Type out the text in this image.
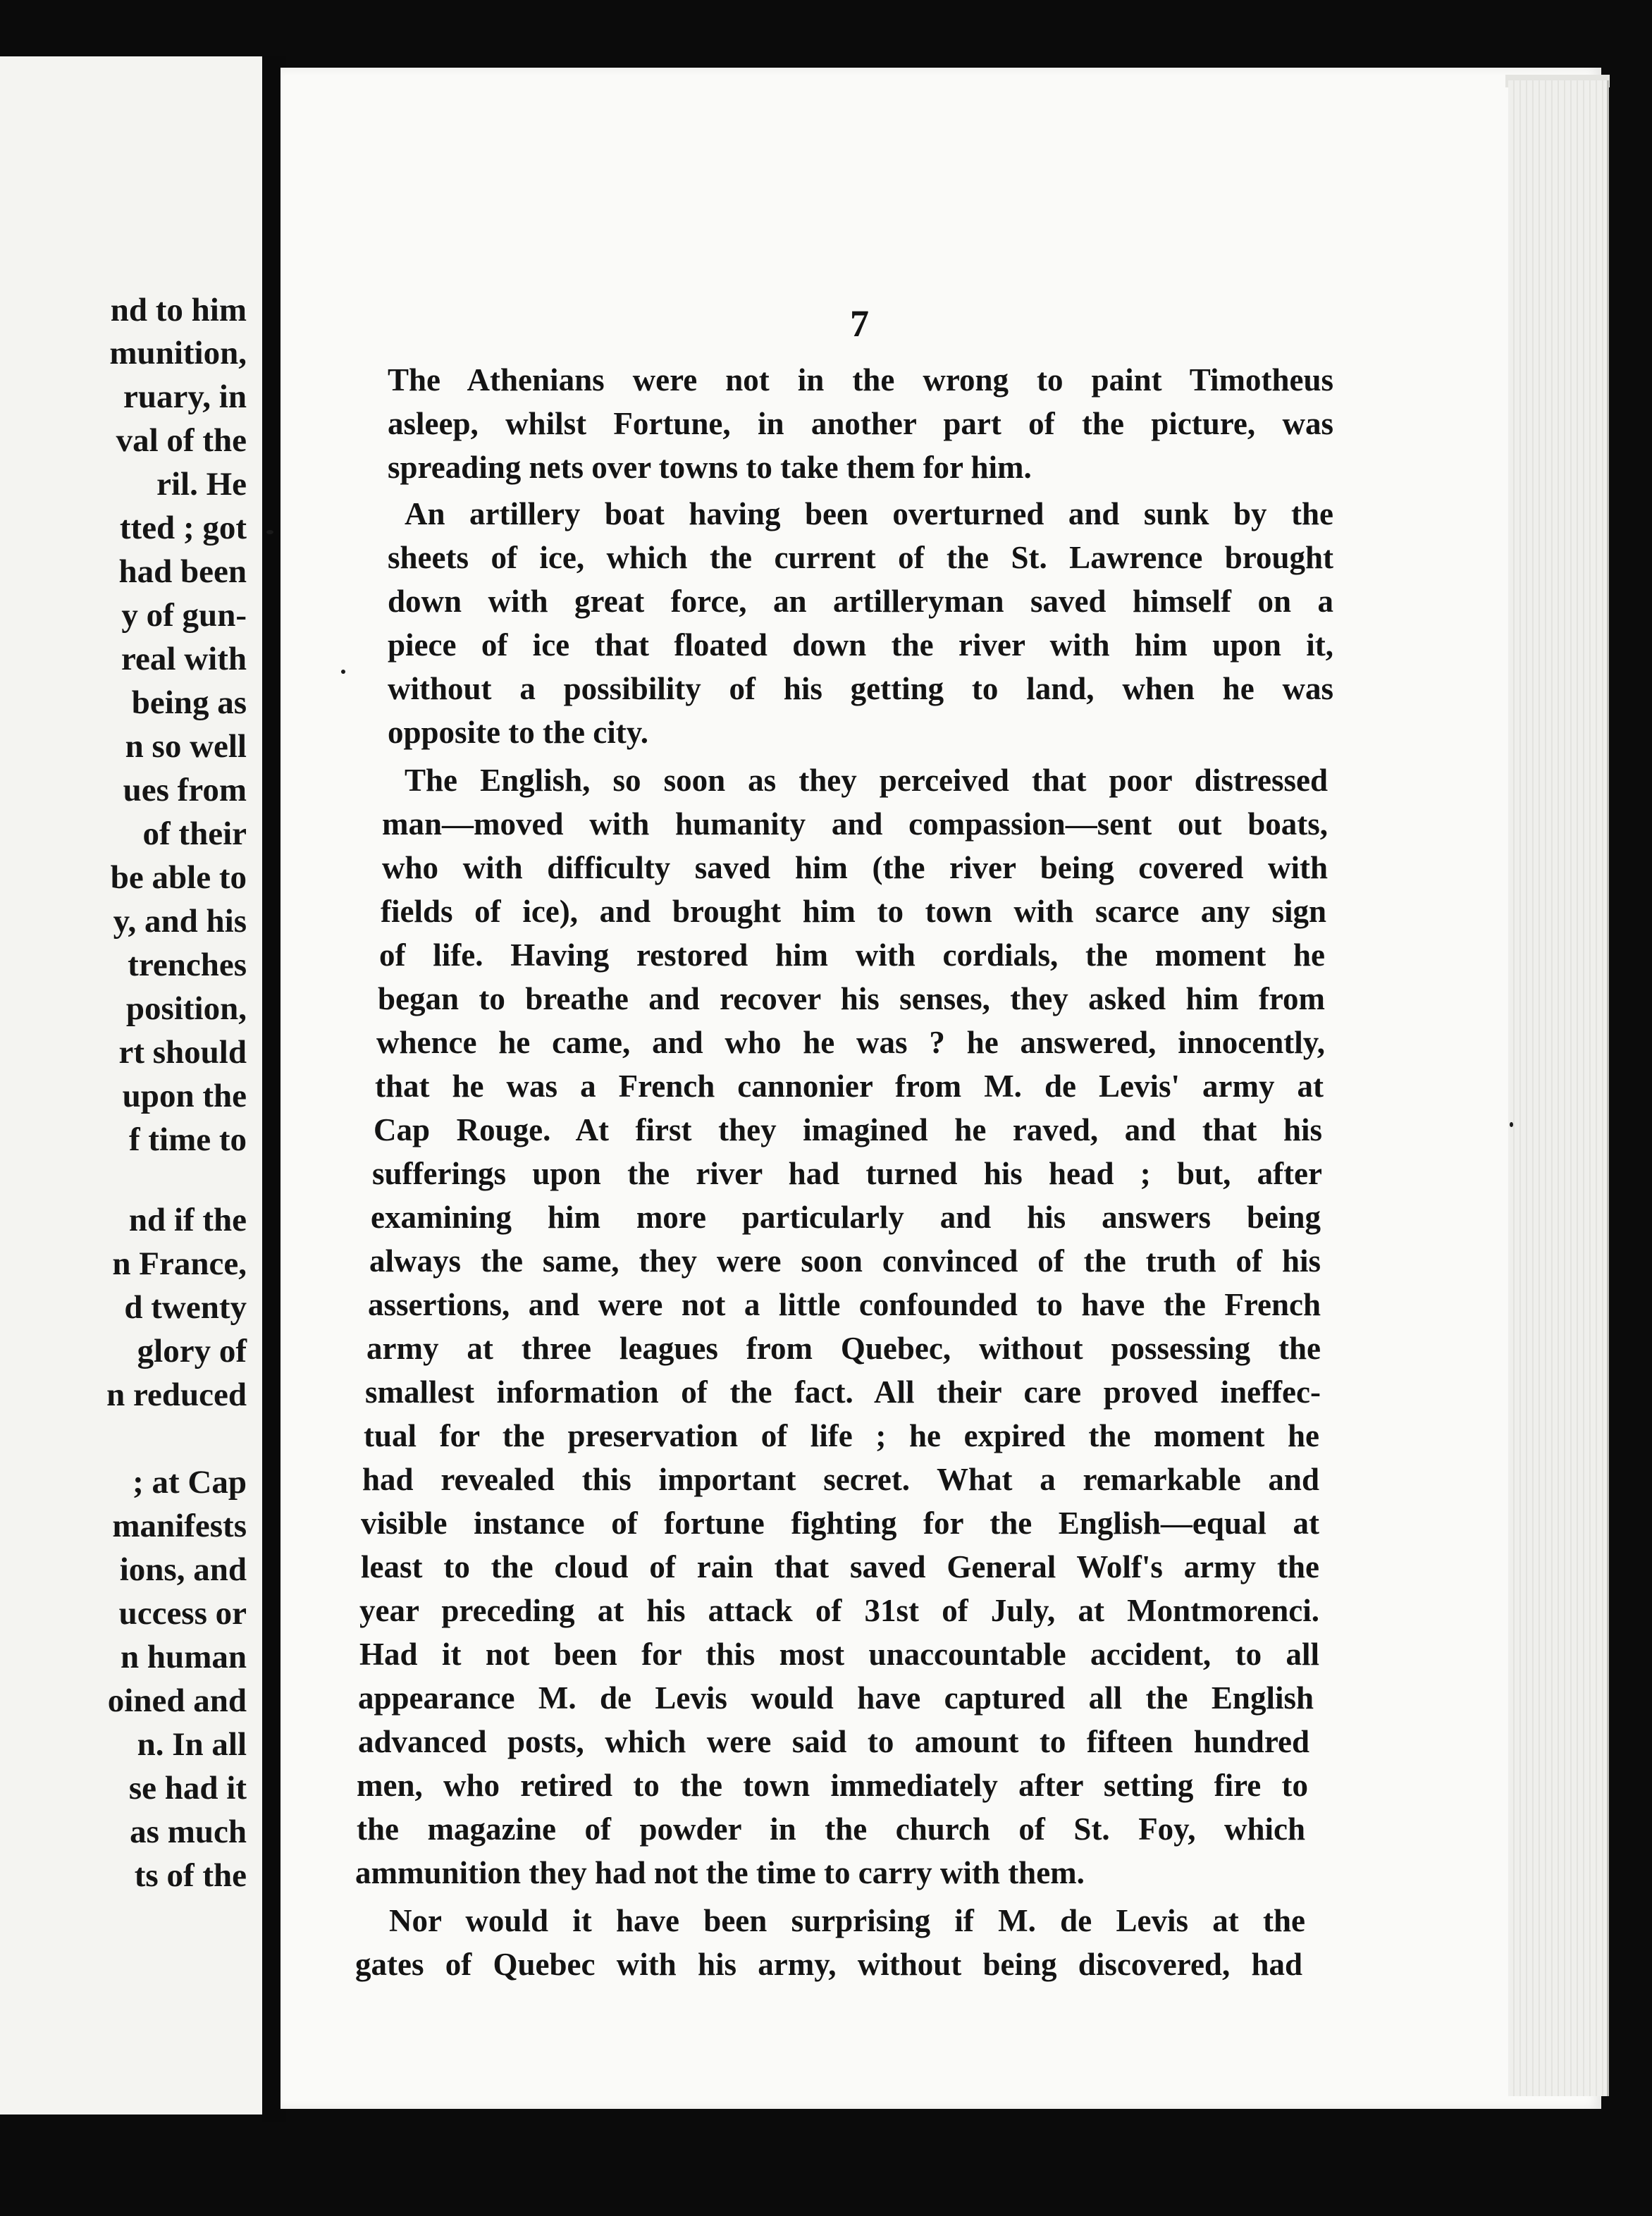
nd to him
munition,
ruary, in
val of the
ril. He
tted ; got
had been
y of gun-
real with
being as
n so well
ues from
of their
be able to
y, and his
trenches
position,
rt should
upon the
f time to
nd if the
n France,
d twenty
glory of
n reduced
; at Cap
manifests
ions, and
uccess or
n human
oined and
n. In all
se had it
as much
ts of the
7
The Athenians were not in the wrong to paint Timotheus
asleep, whilst Fortune, in another part of the picture, was
spreading nets over towns to take them for him.
An artillery boat having been overturned and sunk by the
sheets of ice, which the current of the St. Lawrence brought
down with great force, an artilleryman saved himself on a
piece of ice that floated down the river with him upon it,
without a possibility of his getting to land, when he was
opposite to the city.
The English, so soon as they perceived that poor distressed
man—moved with humanity and compassion—sent out boats,
who with difficulty saved him (the river being covered with
fields of ice), and brought him to town with scarce any sign
of life. Having restored him with cordials, the moment he
began to breathe and recover his senses, they asked him from
whence he came, and who he was ? he answered, innocently,
that he was a French cannonier from M. de Levis' army at
Cap Rouge. At first they imagined he raved, and that his
sufferings upon the river had turned his head ; but, after
examining him more particularly and his answers being
always the same, they were soon convinced of the truth of his
assertions, and were not a little confounded to have the French
army at three leagues from Quebec, without possessing the
smallest information of the fact. All their care proved ineffec-
tual for the preservation of life ; he expired the moment he
had revealed this important secret. What a remarkable and
visible instance of fortune fighting for the English—equal at
least to the cloud of rain that saved General Wolf's army the
year preceding at his attack of 31st of July, at Montmorenci.
Had it not been for this most unaccountable accident, to all
appearance M. de Levis would have captured all the English
advanced posts, which were said to amount to fifteen hundred
men, who retired to the town immediately after setting fire to
the magazine of powder in the church of St. Foy, which
ammunition they had not the time to carry with them.
Nor would it have been surprising if M. de Levis at the
gates of Quebec with his army, without being discovered, had
